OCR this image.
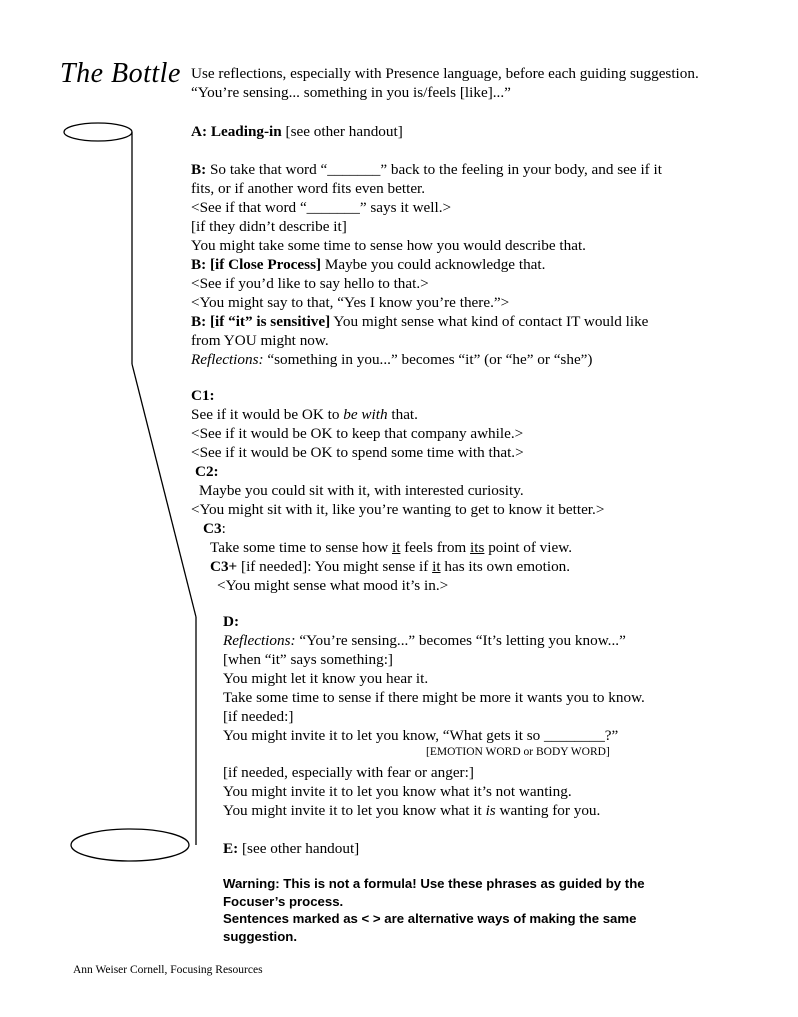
The Bottle Use reflections, especially with Presence language, before each guiding suggestion. “You’re sensing... something in you is/feels [like]...”
A: Leading-in [see other handout]
B: So take that word “_______” back to the feeling in your body, and see if it
fits, or if another word fits even better.
<See if that word “_______” says it well.>
[if they didn’t describe it]
You might take some time to sense how you would describe that.
B: [if Close Process] Maybe you could acknowledge that.
<See if you’d like to say hello to that.>
<You might say to that, “Yes I know you’re there.”>
B: [if “it” is sensitive] You might sense what kind of contact IT would like
from YOU might now.
Reflections: “something in you...” becomes “it” (or “he” or “she”)
C1:
See if it would be OK to be with that.
<See if it would be OK to keep that company awhile.>
<See if it would be OK to spend some time with that.>
C2:
Maybe you could sit with it, with interested curiosity.
<You might sit with it, like you’re wanting to get to know it better.>
C3:
Take some time to sense how it feels from its point of view.
C3+ [if needed]: You might sense if it has its own emotion.
<You might sense what mood it’s in.>
D:
Reflections: “You’re sensing...” becomes “It’s letting you know...”
[when “it” says something:]
You might let it know you hear it.
Take some time to sense if there might be more it wants you to know.
[if needed:]
You might invite it to let you know, “What gets it so ________?”
[EMOTION WORD or BODY WORD]
[if needed, especially with fear or anger:]
You might invite it to let you know what it’s not wanting.
You might invite it to let you know what it is wanting for you.
E: [see other handout]
Warning: This is not a formula! Use these phrases as guided by the Focuser’s process.
Sentences marked as < > are alternative ways of making the same suggestion.
Ann Weiser Cornell, Focusing Resources
